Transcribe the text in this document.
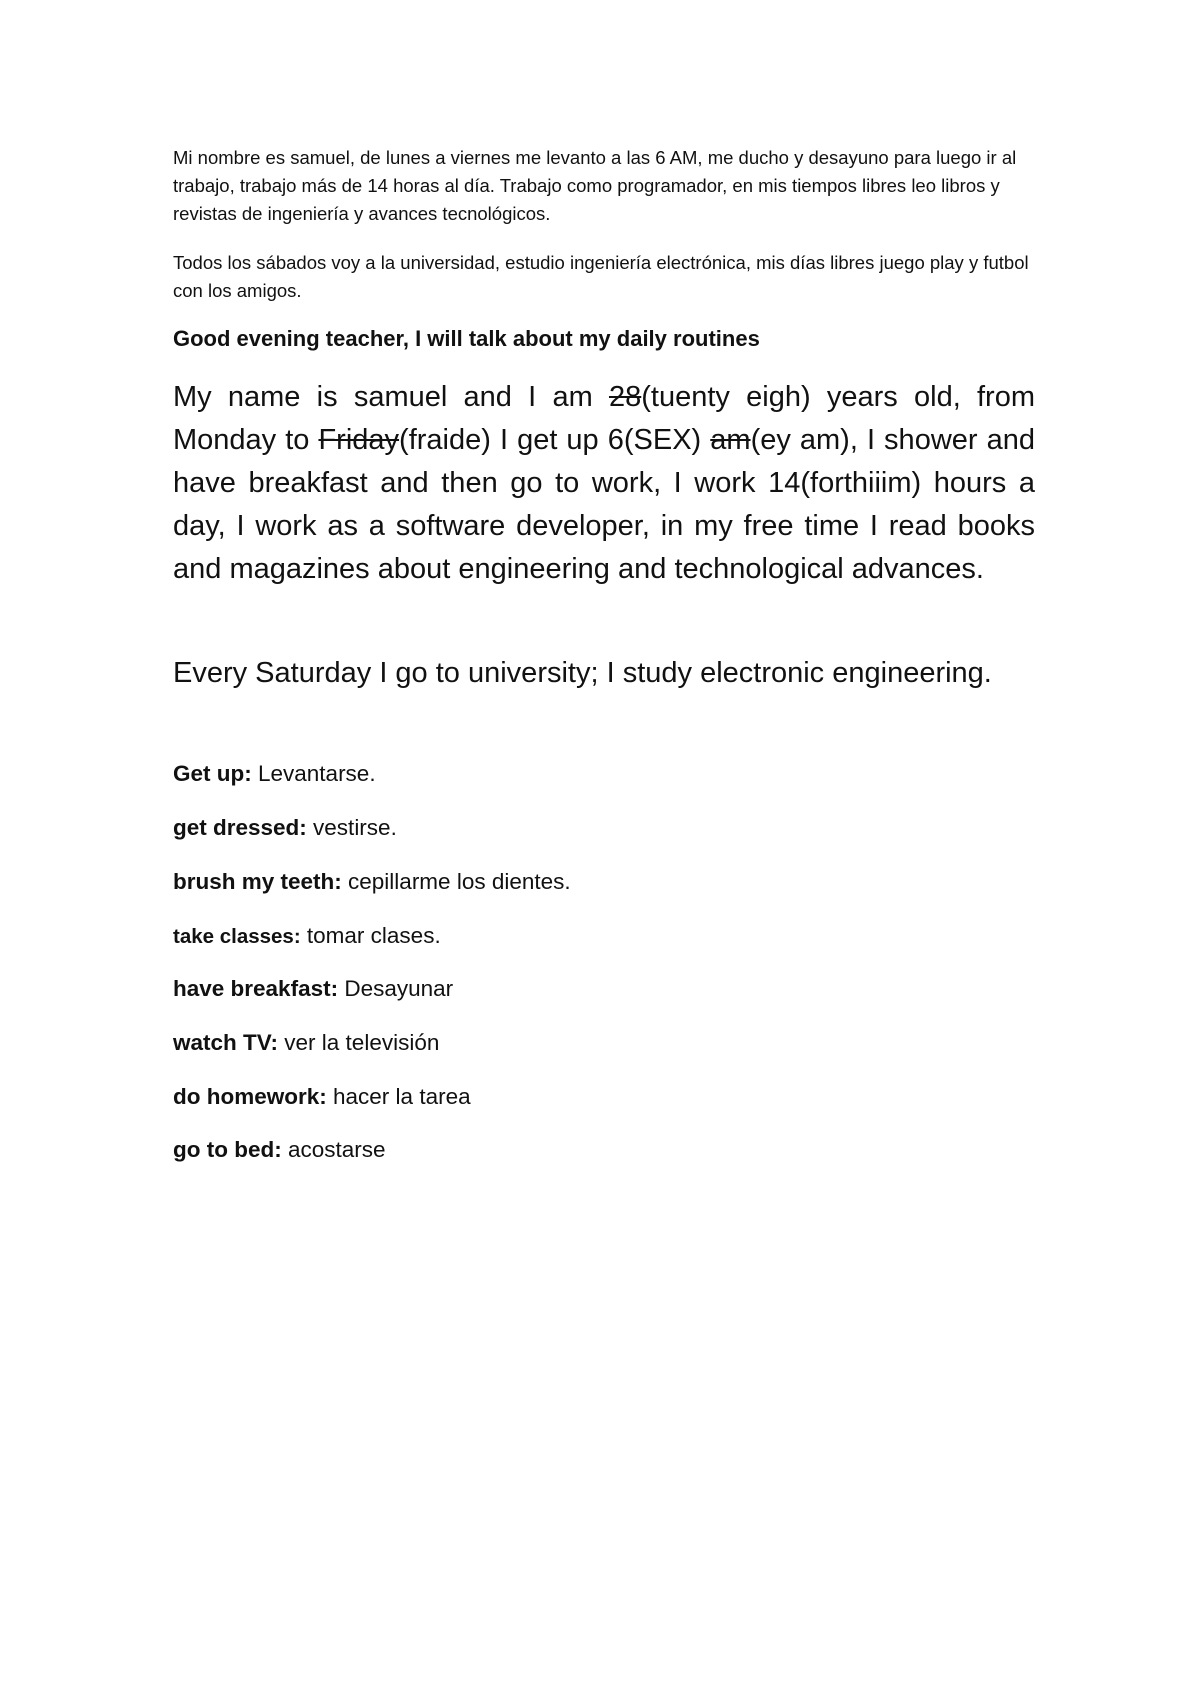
Mi nombre es samuel, de lunes a viernes me levanto a las 6 AM, me ducho y desayuno para luego ir al trabajo, trabajo más de 14 horas al día. Trabajo como programador, en mis tiempos libres leo libros y revistas de ingeniería y avances tecnológicos.

Todos los sábados voy a la universidad, estudio ingeniería electrónica, mis días libres juego play y futbol con los amigos.

Good evening teacher, I will talk about my daily routines

My name is samuel and I am 28(tuenty eigh) years old, from Monday to Friday(fraide) I get up 6(SEX) am(ey am), I shower and have breakfast and then go to work, I work 14(forthiiim) hours a day, I work as a software developer, in my free time I read books and magazines about engineering and technological advances.

Every Saturday I go to university; I study electronic engineering.

Get up: Levantarse.

get dressed: vestirse.

brush my teeth: cepillarme los dientes.

take classes: tomar clases.

have breakfast: Desayunar

watch TV: ver la televisión

do homework: hacer la tarea

go to bed: acostarse
